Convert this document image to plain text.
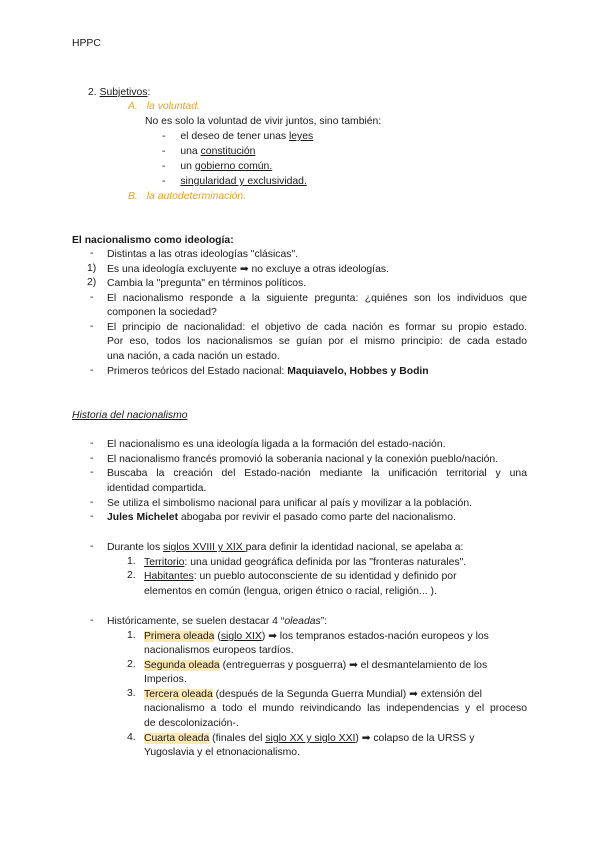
HPPC
2. Subjetivos:
A. la voluntad.
No es solo la voluntad de vivir juntos, sino también:
- el deseo de tener unas leyes
- una constitución
- un gobierno común.
- singularidad y exclusividad.
B. la autodeterminación.
El nacionalismo como ideología:
- Distintas a las otras ideologías "clásicas".
1) Es una ideología excluyente ➡ no excluye a otras ideologías.
2) Cambia la "pregunta" en términos políticos.
- El nacionalismo responde a la siguiente pregunta: ¿quiénes son los individuos que
componen la sociedad?
- El principio de nacionalidad: el objetivo de cada nación es formar su propio estado.
Por eso, todos los nacionalismos se guían por el mismo principio: de cada estado
una nación, a cada nación un estado.
- Primeros teóricos del Estado nacional: Maquiavelo, Hobbes y Bodin
Historia del nacionalismo
- El nacionalismo es una ideología ligada a la formación del estado-nación.
- El nacionalismo francés promovió la soberanía nacional y la conexión pueblo/nación.
- Buscaba la creación del Estado-nación mediante la unificación territorial y una
identidad compartida.
- Se utiliza el simbolismo nacional para unificar al país y movilizar a la población.
- Jules Michelet abogaba por revivir el pasado como parte del nacionalismo.
- Durante los siglos XVIII y XIX para definir la identidad nacional, se apelaba a:
1. Territorio: una unidad geográfica definida por las "fronteras naturales".
2. Habitantes: un pueblo autoconsciente de su identidad y definido por
elementos en común (lengua, origen étnico o racial, religión... ).
- Históricamente, se suelen destacar 4 “oleadas”:
1. Primera oleada (siglo XIX) ➡ los tempranos estados-nación europeos y los
nacionalismos europeos tardíos.
2. Segunda oleada (entreguerras y posguerra) ➡ el desmantelamiento de los
Imperios.
3. Tercera oleada (después de la Segunda Guerra Mundial) ➡ extensión del
nacionalismo a todo el mundo reivindicando las independencias y el proceso
de descolonización-.
4. Cuarta oleada (finales del siglo XX y siglo XXI) ➡ colapso de la URSS y
Yugoslavia y el etnonacionalismo.
